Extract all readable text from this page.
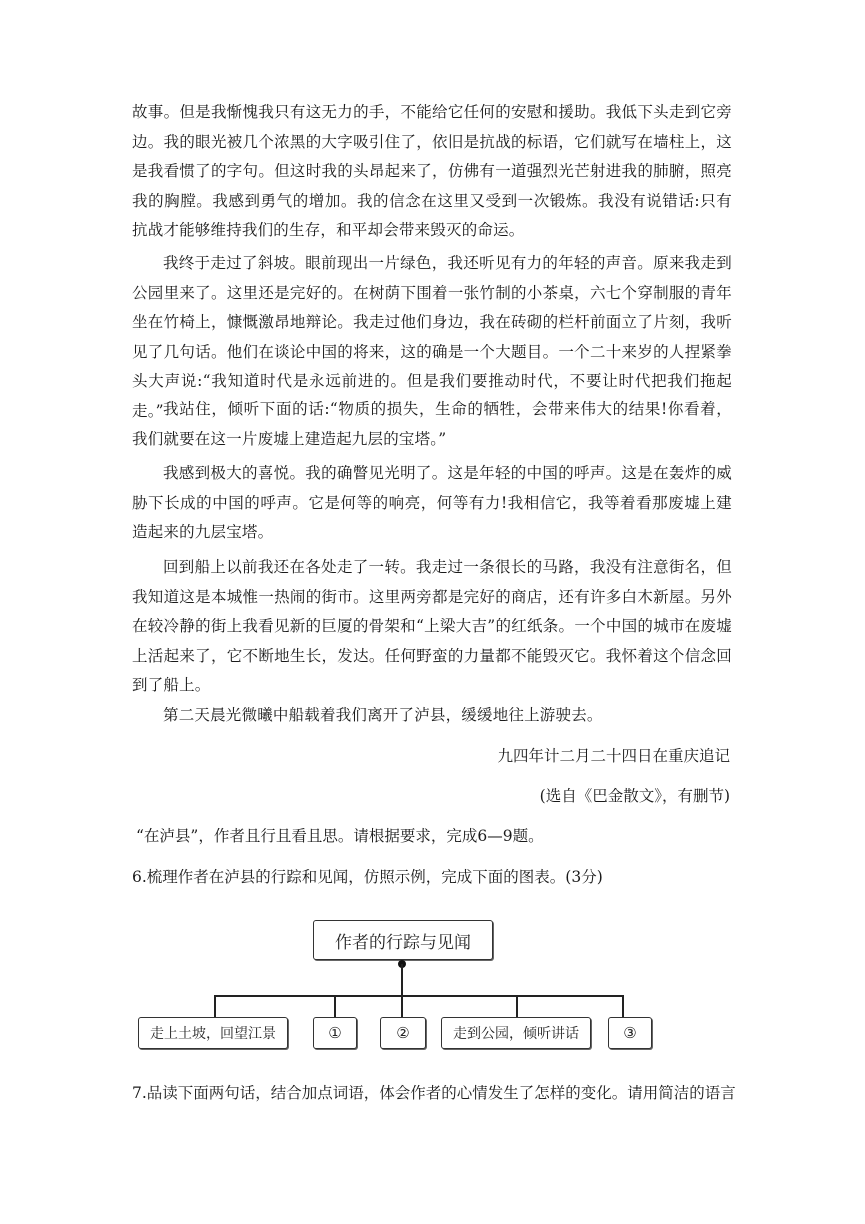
故事。但是我惭愧我只有这无力的手，不能给它任何的安慰和援助。我低下头走到它旁边。我的眼光被几个浓黑的大字吸引住了，依旧是抗战的标语，它们就写在墙柱上，这是我看惯了的字句。但这时我的头昂起来了，仿佛有一道强烈光芒射进我的肺腑，照亮我的胸膛。我感到勇气的增加。我的信念在这里又受到一次锻炼。我没有说错话:只有抗战才能够维持我们的生存，和平却会带来毁灭的命运。

我终于走过了斜坡。眼前现出一片绿色，我还听见有力的年轻的声音。原来我走到公园里来了。这里还是完好的。在树荫下围着一张竹制的小茶桌，六七个穿制服的青年坐在竹椅上，慷慨激昂地辩论。我走过他们身边，我在砖砌的栏杆前面立了片刻，我听见了几句话。他们在谈论中国的将来，这的确是一个大题目。一个二十来岁的人捏紧拳头大声说:“我知道时代是永远前进的。但是我们要推动时代，不要让时代把我们拖起走。” 我站住，倾听下面的话:“物质的损失，生命的牺牲，会带来伟大的结果!你看着，我们就要在这一片废墟上建造起九层的宝塔。”

我感到极大的喜悦。我的确瞥见光明了。这是年轻的中国的呼声。这是在轰炸的威胁下长成的中国的呼声。它是何等的响亮，何等有力!我相信它，我等着看那废墟上建造起来的九层宝塔。

回到船上以前我还在各处走了一转。我走过一条很长的马路，我没有注意街名，但我知道这是本城惟一热闹的街市。这里两旁都是完好的商店，还有许多白木新屋。另外在较冷静的街上我看见新的巨厦的骨架和“上梁大吉”的红纸条。一个中国的城市在废墟上活起来了，它不断地生长，发达。任何野蛮的力量都不能毁灭它。我怀着这个信念回到了船上。

第二天晨光微曦中船载着我们离开了泸县，缓缓地往上游驶去。

九四年计二月二十四日在重庆追记

(选自《巴金散文》，有删节)

“在泸县”，作者且行且看且思。请根据要求，完成6—9题。

6.梳理作者在泸县的行踪和见闻，仿照示例，完成下面的图表。(3分)

作者的行踪与见闻
走上土坡，回望江景	①	②	走到公园，倾听讲话	③

7.品读下面两句话，结合加点词语，体会作者的心情发生了怎样的变化。请用简洁的语言
